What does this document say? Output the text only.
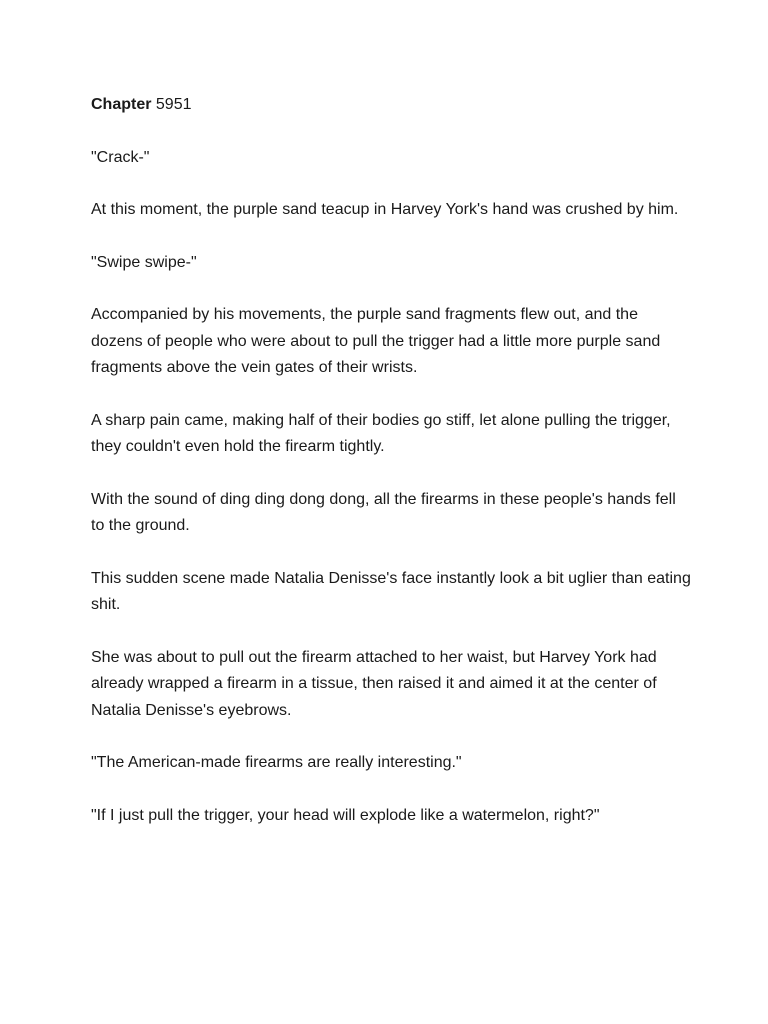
Chapter 5951

"Crack-"

At this moment, the purple sand teacup in Harvey York's hand was crushed by him.

"Swipe swipe-"

Accompanied by his movements, the purple sand fragments flew out, and the dozens of people who were about to pull the trigger had a little more purple sand fragments above the vein gates of their wrists.

A sharp pain came, making half of their bodies go stiff, let alone pulling the trigger, they couldn't even hold the firearm tightly.

With the sound of ding ding dong dong, all the firearms in these people's hands fell to the ground.

This sudden scene made Natalia Denisse's face instantly look a bit uglier than eating shit.

She was about to pull out the firearm attached to her waist, but Harvey York had already wrapped a firearm in a tissue, then raised it and aimed it at the center of Natalia Denisse's eyebrows.

"The American-made firearms are really interesting."

"If I just pull the trigger, your head will explode like a watermelon, right?"
